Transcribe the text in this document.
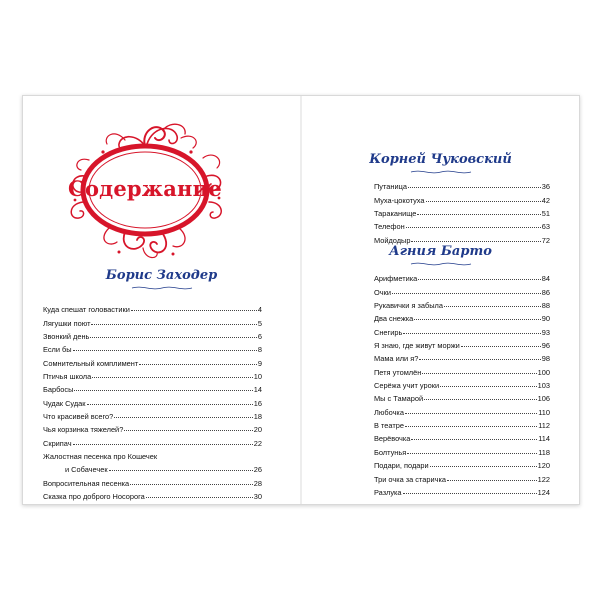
Содержание
Борис Заходер
Куда спешат головастики	4
Лягушки поют	5
Звонкий день	6
Если бы	8
Сомнительный комплимент	9
Птичья школа	10
Барбосы	14
Чудак Судак	16
Что красивей всего?	18
Чья корзинка тяжелей?	20
Скрипач	22
Жалостная песенка про Кошечек
и Собачечек	26
Вопросительная песенка	28
Сказка про доброго Носорога	30
Корней Чуковский
Путаница	36
Муха-цокотуха	42
Тараканище	51
Телефон	63
Мойдодыр	72
Агния Барто
Арифметика	84
Очки	86
Рукавички я забыла	88
Два снежка	90
Снегирь	93
Я знаю, где живут моржи	96
Мама или я?	98
Петя утомлён	100
Серёжа учит уроки	103
Мы с Тамарой	106
Любочка	110
В театре	112
Верёвочка	114
Болтунья	118
Подари, подари	120
Три очка за старичка	122
Разлука	124
